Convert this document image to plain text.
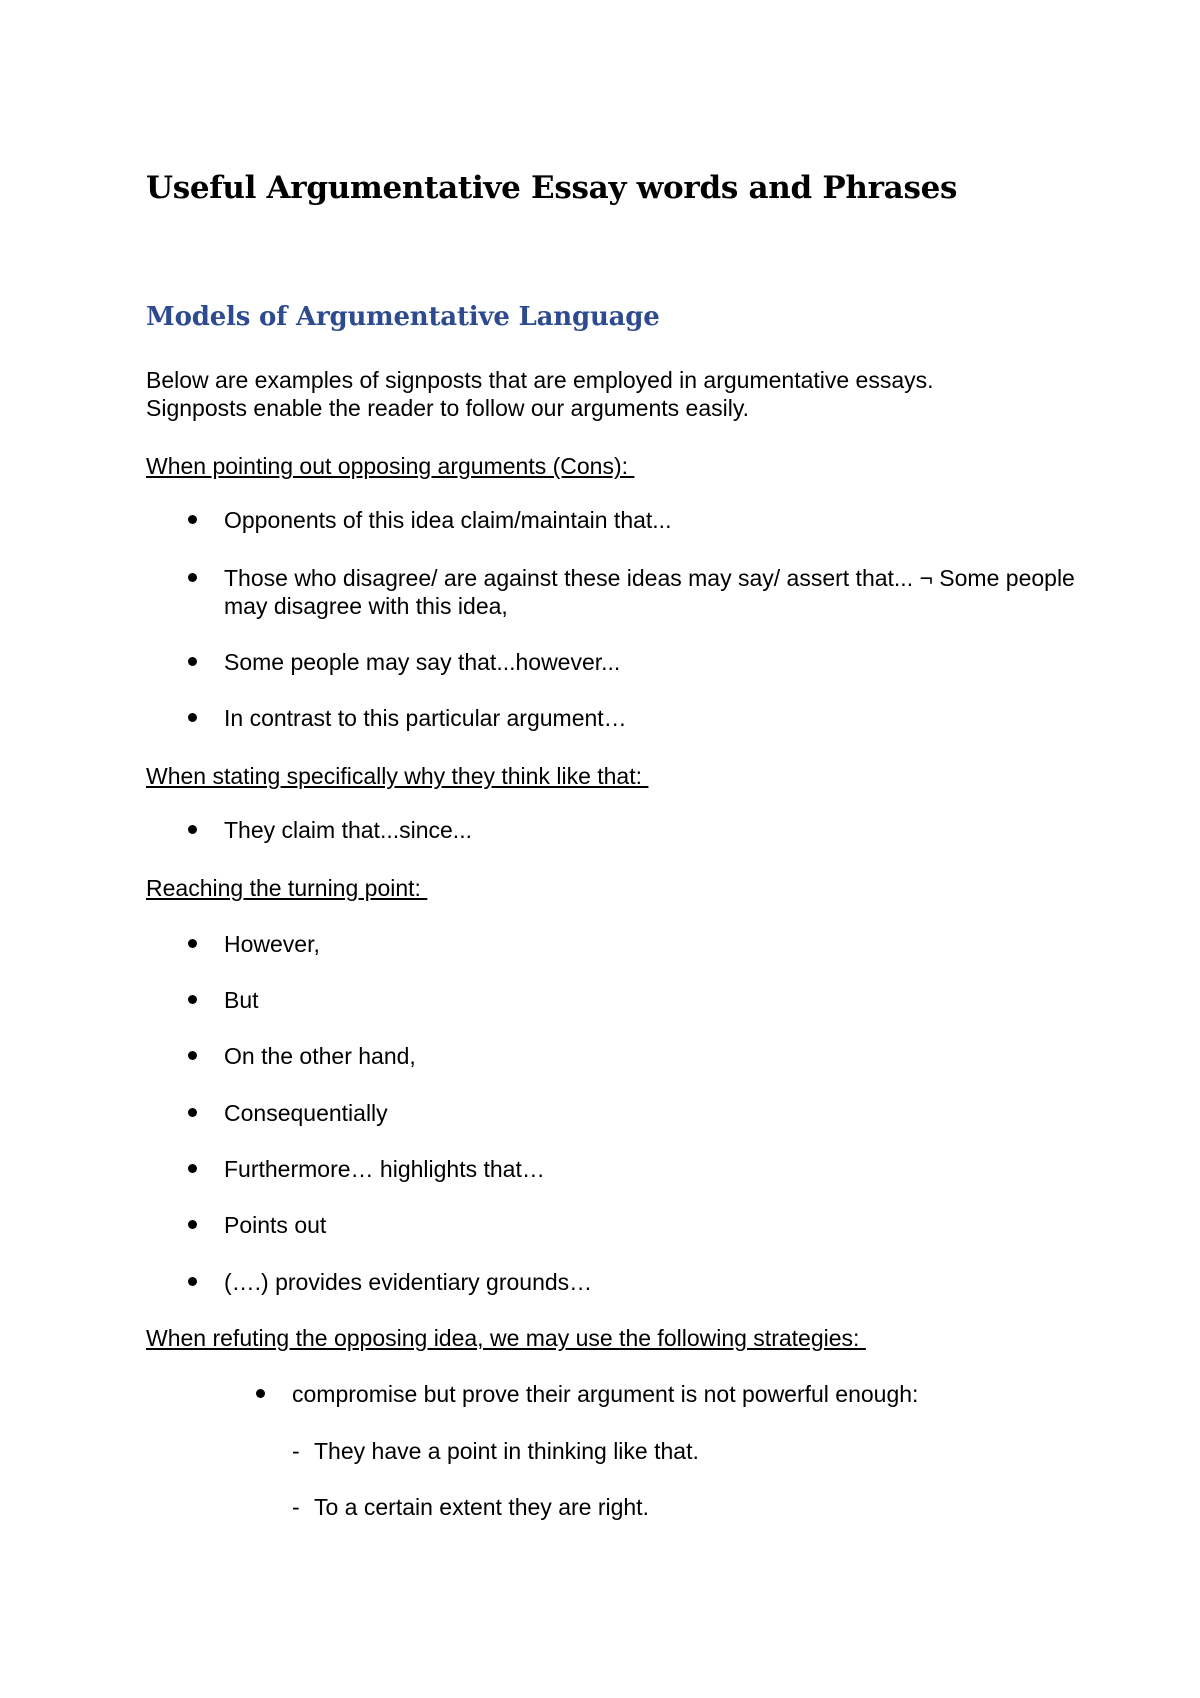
Useful Argumentative Essay words and Phrases
Models of Argumentative Language
Below are examples of signposts that are employed in argumentative essays.
Signposts enable the reader to follow our arguments easily.
When pointing out opposing arguments (Cons):
Opponents of this idea claim/maintain that...
Those who disagree/ are against these ideas may say/ assert that... ¬ Some people may disagree with this idea,
Some people may say that...however...
In contrast to this particular argument…
When stating specifically why they think like that:
They claim that...since...
Reaching the turning point:
However,
But
On the other hand,
Consequentially
Furthermore… highlights that…
Points out
(….) provides evidentiary grounds…
When refuting the opposing idea, we may use the following strategies:
compromise but prove their argument is not powerful enough:
- They have a point in thinking like that.
- To a certain extent they are right.
